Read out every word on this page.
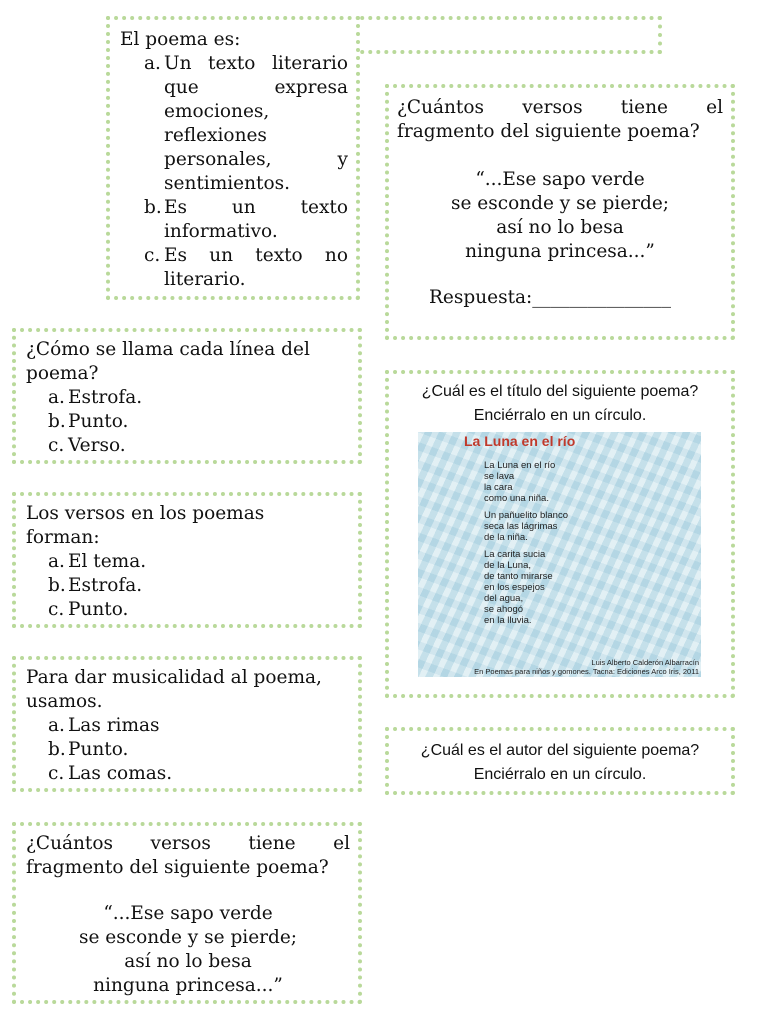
El poema es:
a. Un texto literario
que expresa
emociones,
reflexiones
personales, y
sentimientos.
b. Es un texto
informativo.
c. Es un texto no
literario.
¿Cuántos versos tiene el
fragmento del siguiente poema?
“...Ese sapo verde
se esconde y se pierde;
así no lo besa
ninguna princesa...”
Respuesta:_______________
¿Cómo se llama cada línea del
poema?
a. Estrofa.
b. Punto.
c. Verso.
¿Cuál es el título del siguiente poema?
Enciérralo en un círculo.
La Luna en el río
La Luna en el río
se lava
la cara
como una niña.
Un pañuelito blanco
seca las lágrimas
de la niña.
La carita sucia
de la Luna,
de tanto mirarse
en los espejos
del agua,
se ahogó
en la lluvia.
Luis Alberto Calderón Albarracín
En Poemas para niños y gomones. Tacna: Ediciones Arco Iris, 2011
Los versos en los poemas
forman:
a. El tema.
b. Estrofa.
c. Punto.
Para dar musicalidad al poema,
usamos.
a. Las rimas
b. Punto.
c. Las comas.
¿Cuál es el autor del siguiente poema?
Enciérralo en un círculo.
¿Cuántos versos tiene el
fragmento del siguiente poema?
“...Ese sapo verde
se esconde y se pierde;
así no lo besa
ninguna princesa...”
